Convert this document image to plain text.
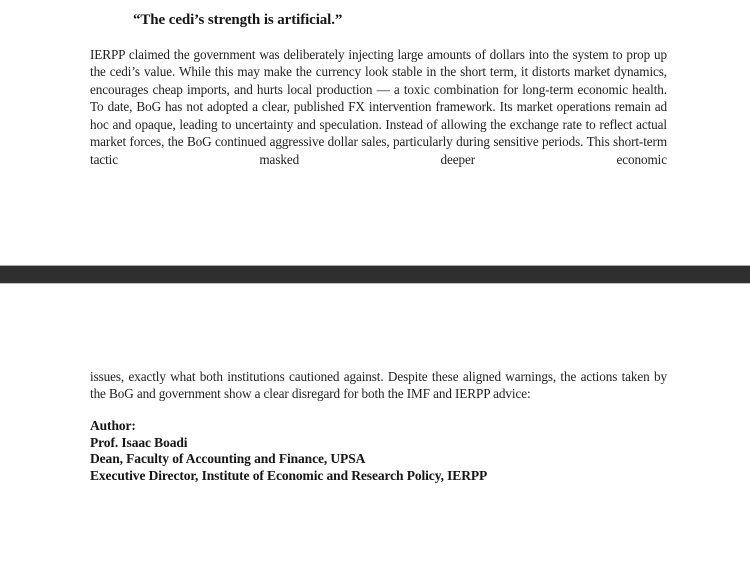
“The cedi’s strength is artificial.”

IERPP claimed the government was deliberately injecting large amounts of dollars into the system to prop up the cedi’s value. While this may make the currency look stable in the short term, it distorts market dynamics, encourages cheap imports, and hurts local production — a toxic combination for long-term economic health. To date, BoG has not adopted a clear, published FX intervention framework. Its market operations remain ad hoc and opaque, leading to uncertainty and speculation. Instead of allowing the exchange rate to reflect actual market forces, the BoG continued aggressive dollar sales, particularly during sensitive periods. This short-term tactic masked deeper economic

issues, exactly what both institutions cautioned against. Despite these aligned warnings, the actions taken by the BoG and government show a clear disregard for both the IMF and IERPP advice:

Author:
Prof. Isaac Boadi
Dean, Faculty of Accounting and Finance, UPSA
Executive Director, Institute of Economic and Research Policy, IERPP
